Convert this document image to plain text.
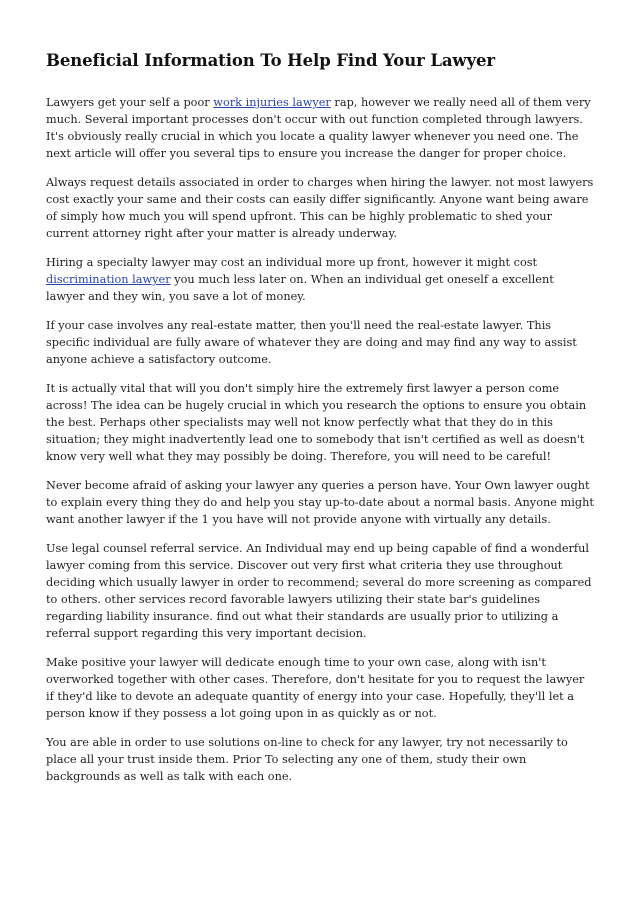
Beneficial Information To Help Find Your Lawyer

Lawyers get your self a poor work injuries lawyer rap, however we really need all of them very much. Several important processes don't occur with out function completed through lawyers. It's obviously really crucial in which you locate a quality lawyer whenever you need one. The next article will offer you several tips to ensure you increase the danger for proper choice.

Always request details associated in order to charges when hiring the lawyer. not most lawyers cost exactly your same and their costs can easily differ significantly. Anyone want being aware of simply how much you will spend upfront. This can be highly problematic to shed your current attorney right after your matter is already underway.

Hiring a specialty lawyer may cost an individual more up front, however it might cost discrimination lawyer you much less later on. When an individual get oneself a excellent lawyer and they win, you save a lot of money.

If your case involves any real-estate matter, then you'll need the real-estate lawyer. This specific individual are fully aware of whatever they are doing and may find any way to assist anyone achieve a satisfactory outcome.

It is actually vital that will you don't simply hire the extremely first lawyer a person come across! The idea can be hugely crucial in which you research the options to ensure you obtain the best. Perhaps other specialists may well not know perfectly what that they do in this situation; they might inadvertently lead one to somebody that isn't certified as well as doesn't know very well what they may possibly be doing. Therefore, you will need to be careful!

Never become afraid of asking your lawyer any queries a person have. Your Own lawyer ought to explain every thing they do and help you stay up-to-date about a normal basis. Anyone might want another lawyer if the 1 you have will not provide anyone with virtually any details.

Use legal counsel referral service. An Individual may end up being capable of find a wonderful lawyer coming from this service. Discover out very first what criteria they use throughout deciding which usually lawyer in order to recommend; several do more screening as compared to others. other services record favorable lawyers utilizing their state bar's guidelines regarding liability insurance. find out what their standards are usually prior to utilizing a referral support regarding this very important decision.

Make positive your lawyer will dedicate enough time to your own case, along with isn't overworked together with other cases. Therefore, don't hesitate for you to request the lawyer if they'd like to devote an adequate quantity of energy into your case. Hopefully, they'll let a person know if they possess a lot going upon in as quickly as or not.

You are able in order to use solutions on-line to check for any lawyer, try not necessarily to place all your trust inside them. Prior To selecting any one of them, study their own backgrounds as well as talk with each one.
